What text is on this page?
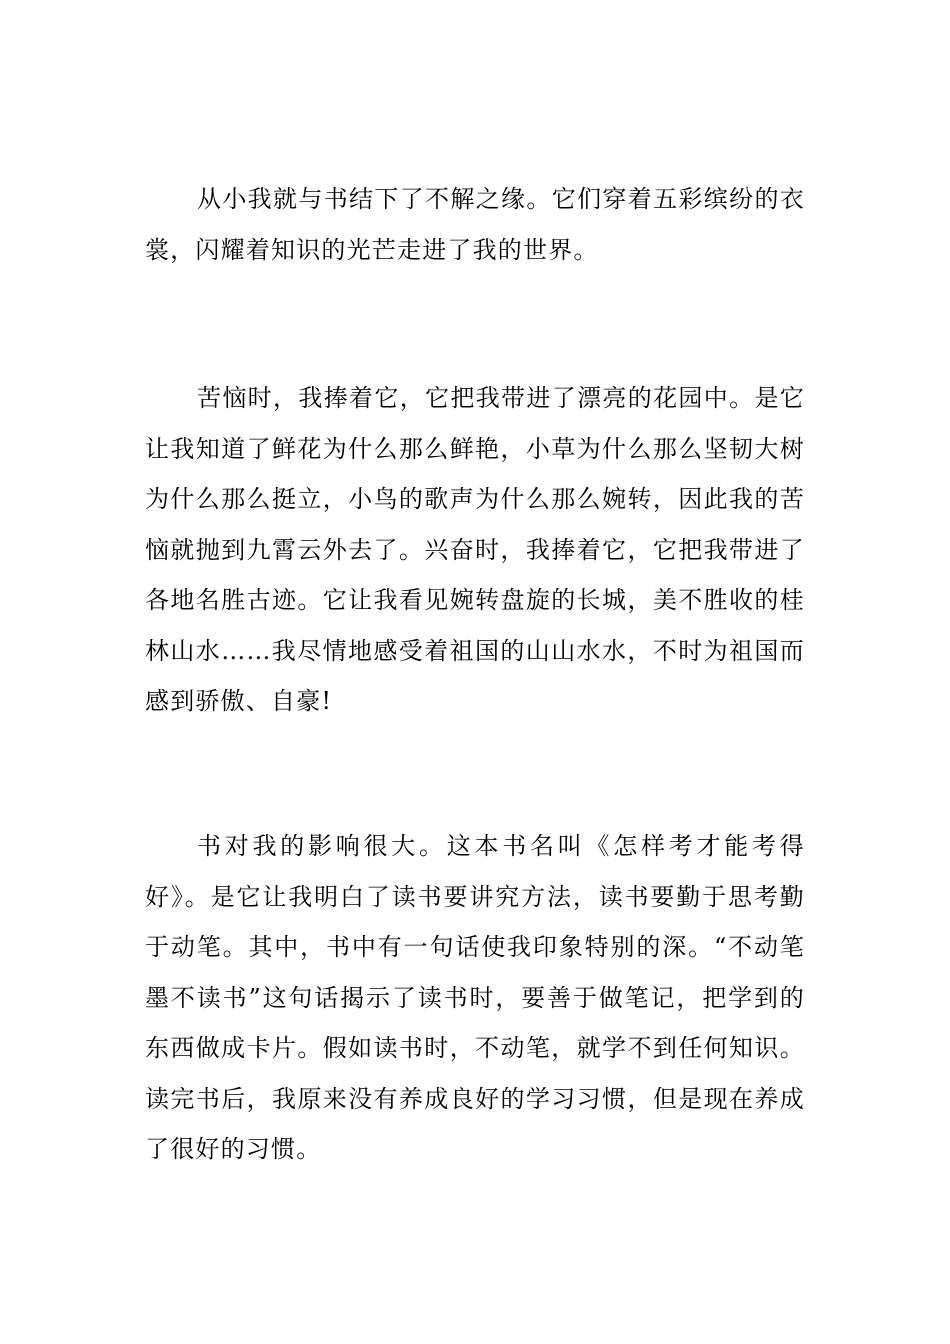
从小我就与书结下了不解之缘。它们穿着五彩缤纷的衣裳，闪耀着知识的光芒走进了我的世界。

苦恼时，我捧着它，它把我带进了漂亮的花园中。是它让我知道了鲜花为什么那么鲜艳，小草为什么那么坚韧大树为什么那么挺立，小鸟的歌声为什么那么婉转，因此我的苦恼就抛到九霄云外去了。兴奋时，我捧着它，它把我带进了各地名胜古迹。它让我看见婉转盘旋的长城，美不胜收的桂林山水……我尽情地感受着祖国的山山水水，不时为祖国而感到骄傲、自豪!

书对我的影响很大。这本书名叫《怎样考才能考得好》。是它让我明白了读书要讲究方法，读书要勤于思考勤于动笔。其中，书中有一句话使我印象特别的深。“不动笔墨不读书”这句话揭示了读书时，要善于做笔记，把学到的东西做成卡片。假如读书时，不动笔，就学不到任何知识。读完书后，我原来没有养成良好的学习习惯，但是现在养成了很好的习惯。
